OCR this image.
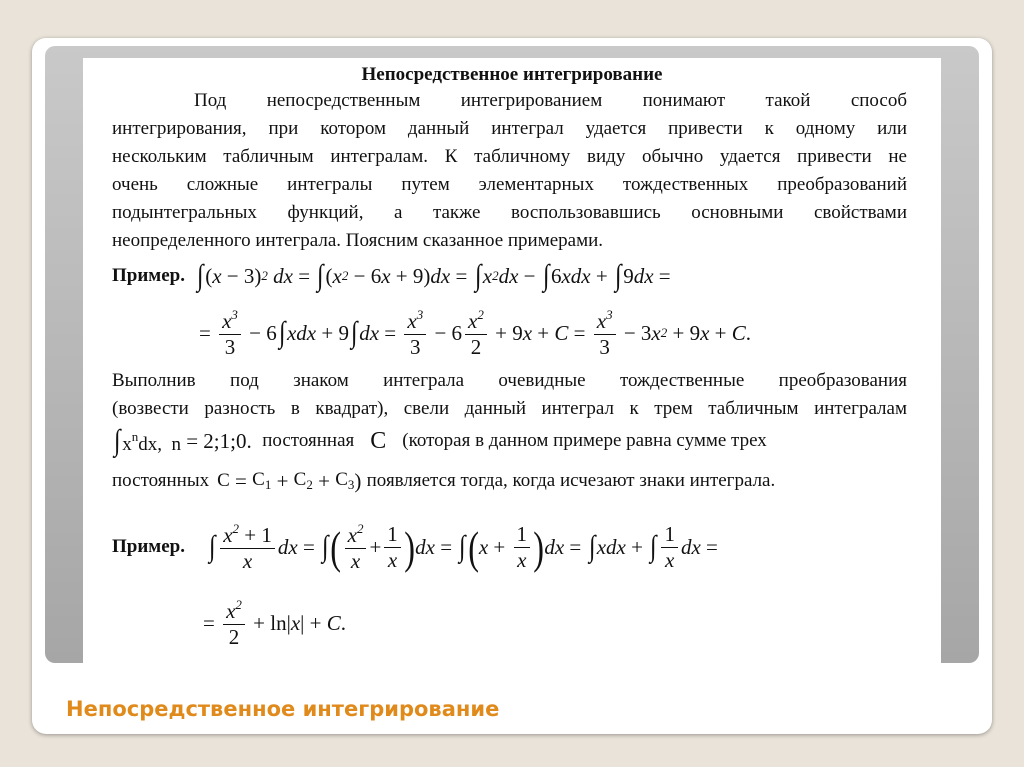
Непосредственное интегрирование
Под непосредственным интегрированием понимают такой способ
интегрирования, при котором данный интеграл удается привести к одному или
нескольким табличным интегралам. К табличному виду обычно удается привести не
очень сложные интегралы путем элементарных тождественных преобразований
подынтегральных функций, а также воспользовавшись основными свойствами
неопределенного интеграла. Поясним сказанное примерами.
Пример. ∫ ( x − 3) 2 dx = ∫ ( x 2 − 6 x + 9) dx = ∫ x 2 dx − ∫ 6 xdx + ∫ 9 dx =
= $\frac{x^3}{3} - 6$ ∫ xdx + 9 ∫ dx = $\frac{x^3}{3} - 6 \frac{x^2}{2} + 9$ $x + C = \frac{x^3}{3} - 3$ x 2 + 9 x + C .
Выполнив под знаком интеграла очевидные тождественные преобразования
(возвести разность в квадрат), свели данный интеграл к трем табличным интегралам
$\int x^ndx$,  n = 2;1;0. постоянная C (которая в данном примере равна сумме трех
постоянных $C = C_1 + C_2 + C_3$ ) появляется тогда, когда исчезают знаки интеграла.
Пример. ∫ $\frac{x^2 + 1}{x}$ dx = ∫ ( $\frac{x^2}{x} + \frac{1}{x}$ ) dx = ∫ ( $x + \frac{1}{x}$ ) dx = ∫ xdx + ∫ $\frac{1}{x}$ dx =
= $\frac{x^2}{2} + \ln|$ x | + C .
Непосредственное интегрирование
